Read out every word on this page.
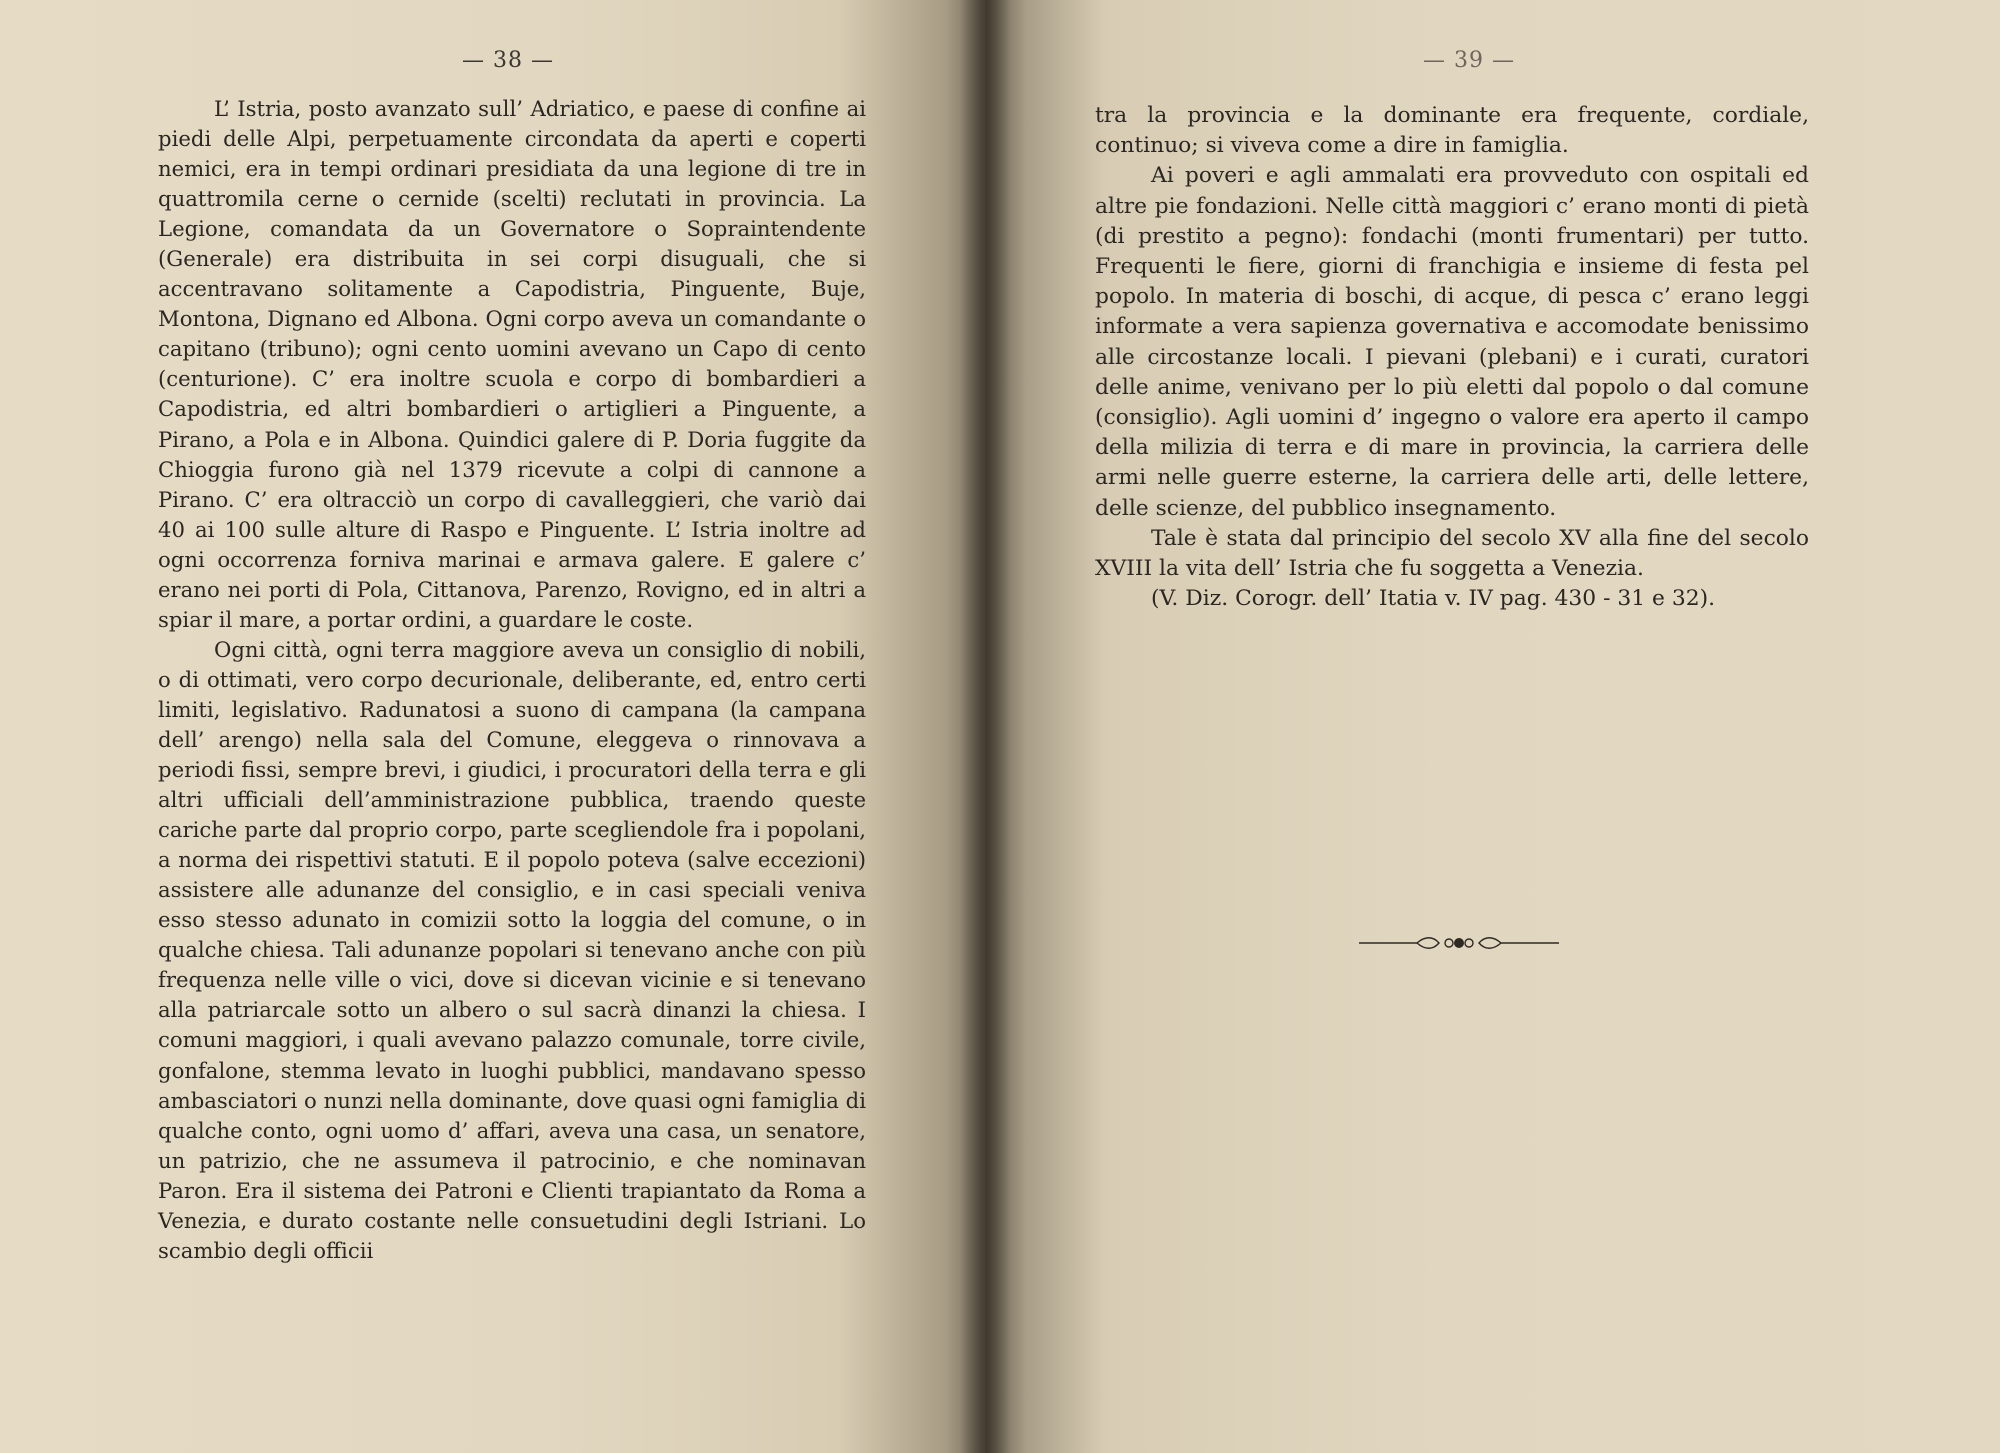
— 38 —

L’ Istria, posto avanzato sull’ Adriatico, e paese di confine ai piedi delle Alpi, perpetuamente circondata da aperti e coperti nemici, era in tempi ordinari presidiata da una legione di tre in quattromila cerne o cernide (scelti) reclutati in provincia. La Legione, comandata da un Governatore o Sopraintendente (Generale) era distribuita in sei corpi disuguali, che si accentravano solitamente a Capodistria, Pinguente, Buje, Montona, Dignano ed Albona. Ogni corpo aveva un comandante o capitano (tribuno); ogni cento uomini avevano un Capo di cento (centurione). C’ era inoltre scuola e corpo di bombardieri a Capodistria, ed altri bombardieri o artiglieri a Pinguente, a Pirano, a Pola e in Albona. Quindici galere di P. Doria fuggite da Chioggia furono già nel 1379 ricevute a colpi di cannone a Pirano. C’ era oltracciò un corpo di cavalleggieri, che variò dai 40 ai 100 sulle alture di Raspo e Pinguente. L’ Istria inoltre ad ogni occorrenza forniva marinai e armava galere. E galere c’ erano nei porti di Pola, Cittanova, Parenzo, Rovigno, ed in altri a spiar il mare, a portar ordini, a guardare le coste.

Ogni città, ogni terra maggiore aveva un consiglio di nobili, o di ottimati, vero corpo decurionale, deliberante, ed, entro certi limiti, legislativo. Radunatosi a suono di campana (la campana dell’ arengo) nella sala del Comune, eleggeva o rinnovava a periodi fissi, sempre brevi, i giudici, i procuratori della terra e gli altri ufficiali dell’amministrazione pubblica, traendo queste cariche parte dal proprio corpo, parte scegliendole fra i popolani, a norma dei rispettivi statuti. E il popolo poteva (salve eccezioni) assistere alle adunanze del consiglio, e in casi speciali veniva esso stesso adunato in comizii sotto la loggia del comune, o in qualche chiesa. Tali adunanze popolari si tenevano anche con più frequenza nelle ville o vici, dove si dicevan vicinie e si tenevano alla patriarcale sotto un albero o sul sacrà dinanzi la chiesa. I comuni maggiori, i quali avevano palazzo comunale, torre civile, gonfalone, stemma levato in luoghi pubblici, mandavano spesso ambasciatori o nunzi nella dominante, dove quasi ogni famiglia di qualche conto, ogni uomo d’ affari, aveva una casa, un senatore, un patrizio, che ne assumeva il patrocinio, e che nominavan Paron. Era il sistema dei Patroni e Clienti trapiantato da Roma a Venezia, e durato costante nelle consuetudini degli Istriani. Lo scambio degli officii

— 39 —

tra la provincia e la dominante era frequente, cordiale, continuo; si viveva come a dire in famiglia.

Ai poveri e agli ammalati era provveduto con ospitali ed altre pie fondazioni. Nelle città maggiori c’ erano monti di pietà (di prestito a pegno): fondachi (monti frumentari) per tutto. Frequenti le fiere, giorni di franchigia e insieme di festa pel popolo. In materia di boschi, di acque, di pesca c’ erano leggi informate a vera sapienza governativa e accomodate benissimo alle circostanze locali. I pievani (plebani) e i curati, curatori delle anime, venivano per lo più eletti dal popolo o dal comune (consiglio). Agli uomini d’ ingegno o valore era aperto il campo della milizia di terra e di mare in provincia, la carriera delle armi nelle guerre esterne, la carriera delle arti, delle lettere, delle scienze, del pubblico insegnamento.

Tale è stata dal principio del secolo XV alla fine del secolo XVIII la vita dell’ Istria che fu soggetta a Venezia.

(V. Diz. Corogr. dell’ Itatia v. IV pag. 430 - 31 e 32).
